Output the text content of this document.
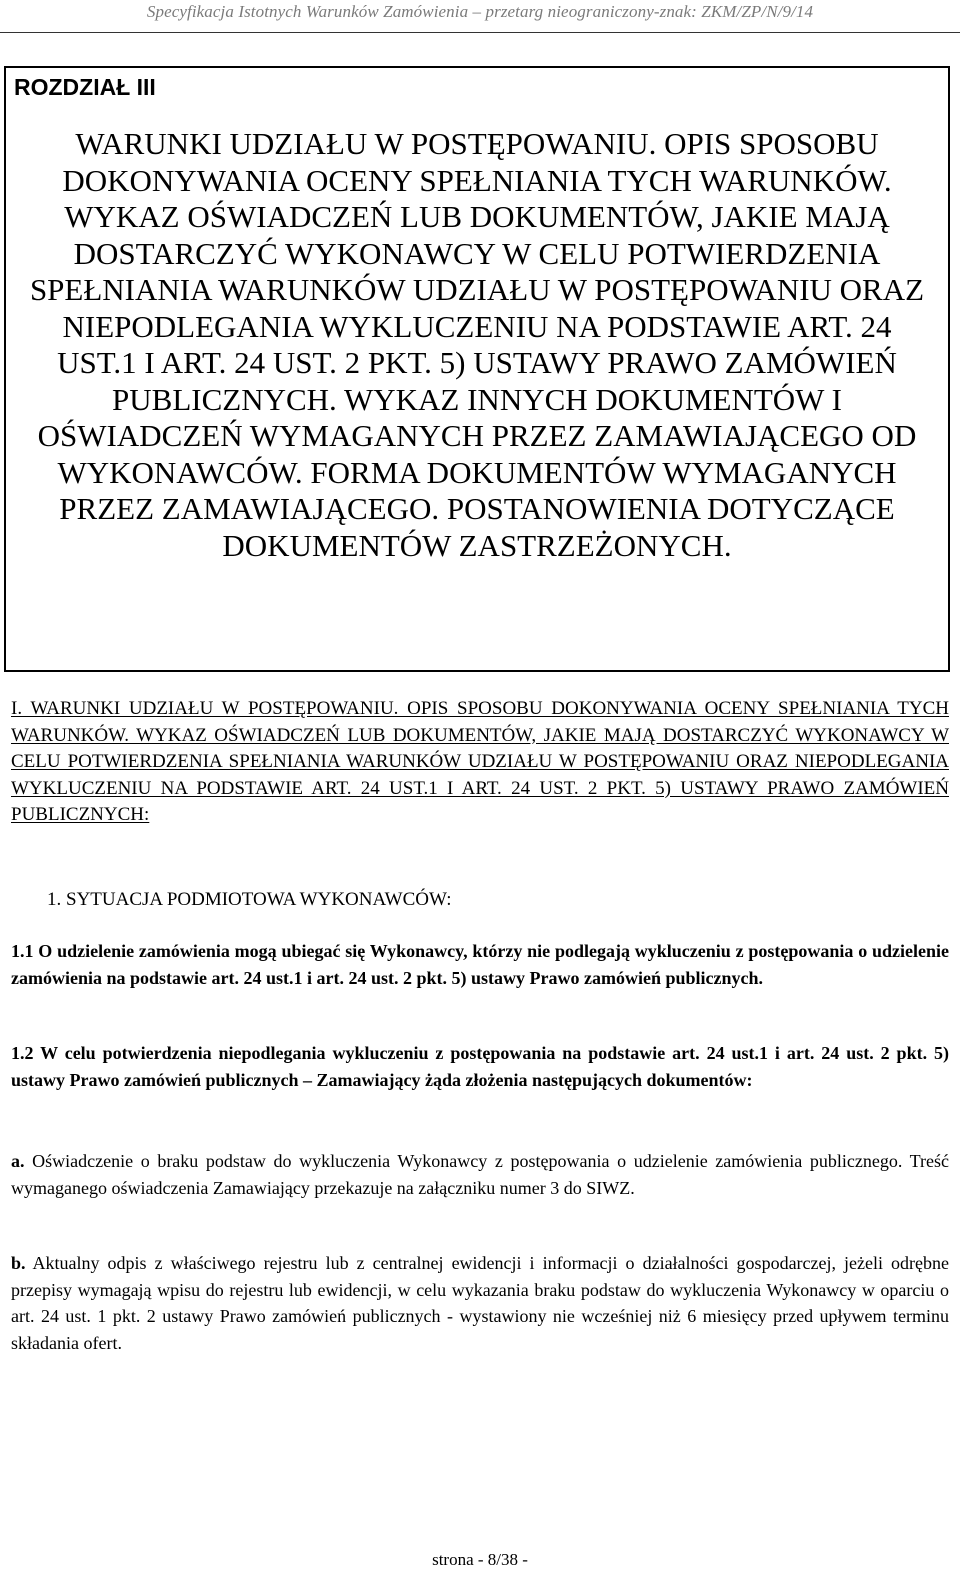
Specyfikacja Istotnych Warunków Zamówienia – przetarg nieograniczony-znak: ZKM/ZP/N/9/14
ROZDZIAŁ III
WARUNKI UDZIAŁU W POSTĘPOWANIU. OPIS SPOSOBU DOKONYWANIA OCENY SPEŁNIANIA TYCH WARUNKÓW. WYKAZ OŚWIADCZEŃ LUB DOKUMENTÓW, JAKIE MAJĄ DOSTARCZYĆ WYKONAWCY W CELU POTWIERDZENIA SPEŁNIANIA WARUNKÓW UDZIAŁU W POSTĘPOWANIU ORAZ NIEPODLEGANIA WYKLUCZENIU NA PODSTAWIE ART. 24 UST.1 I ART. 24 UST. 2 PKT. 5) USTAWY PRAWO ZAMÓWIEŃ PUBLICZNYCH. WYKAZ INNYCH DOKUMENTÓW I OŚWIADCZEŃ WYMAGANYCH PRZEZ ZAMAWIAJĄCEGO OD WYKONAWCÓW. FORMA DOKUMENTÓW WYMAGANYCH PRZEZ ZAMAWIAJĄCEGO. POSTANOWIENIA DOTYCZĄCE DOKUMENTÓW ZASTRZEŻONYCH.
I. WARUNKI UDZIAŁU W POSTĘPOWANIU. OPIS SPOSOBU DOKONYWANIA OCENY SPEŁNIANIA TYCH WARUNKÓW. WYKAZ OŚWIADCZEŃ LUB DOKUMENTÓW, JAKIE MAJĄ DOSTARCZYĆ WYKONAWCY W CELU POTWIERDZENIA SPEŁNIANIA WARUNKÓW UDZIAŁU W POSTĘPOWANIU ORAZ NIEPODLEGANIA WYKLUCZENIU NA PODSTAWIE ART. 24 UST.1 I ART. 24 UST. 2 PKT. 5) USTAWY PRAWO ZAMÓWIEŃ PUBLICZNYCH:
1. SYTUACJA PODMIOTOWA WYKONAWCÓW:
1.1 O udzielenie zamówienia mogą ubiegać się Wykonawcy, którzy nie podlegają wykluczeniu z postępowania o udzielenie zamówienia na podstawie art. 24 ust.1 i art. 24 ust. 2 pkt. 5) ustawy Prawo zamówień publicznych.
1.2 W celu potwierdzenia niepodlegania wykluczeniu z postępowania na podstawie art. 24 ust.1 i art. 24 ust. 2 pkt. 5) ustawy Prawo zamówień publicznych – Zamawiający żąda złożenia następujących dokumentów:
a. Oświadczenie o braku podstaw do wykluczenia Wykonawcy z postępowania o udzielenie zamówienia publicznego. Treść wymaganego oświadczenia Zamawiający przekazuje na załączniku numer 3 do SIWZ.
b. Aktualny odpis z właściwego rejestru lub z centralnej ewidencji i informacji o działalności gospodarczej, jeżeli odrębne przepisy wymagają wpisu do rejestru lub ewidencji, w celu wykazania braku podstaw do wykluczenia Wykonawcy w oparciu o art. 24 ust. 1 pkt. 2 ustawy Prawo zamówień publicznych - wystawiony nie wcześniej niż 6 miesięcy przed upływem terminu składania ofert.
strona - 8/38 -
